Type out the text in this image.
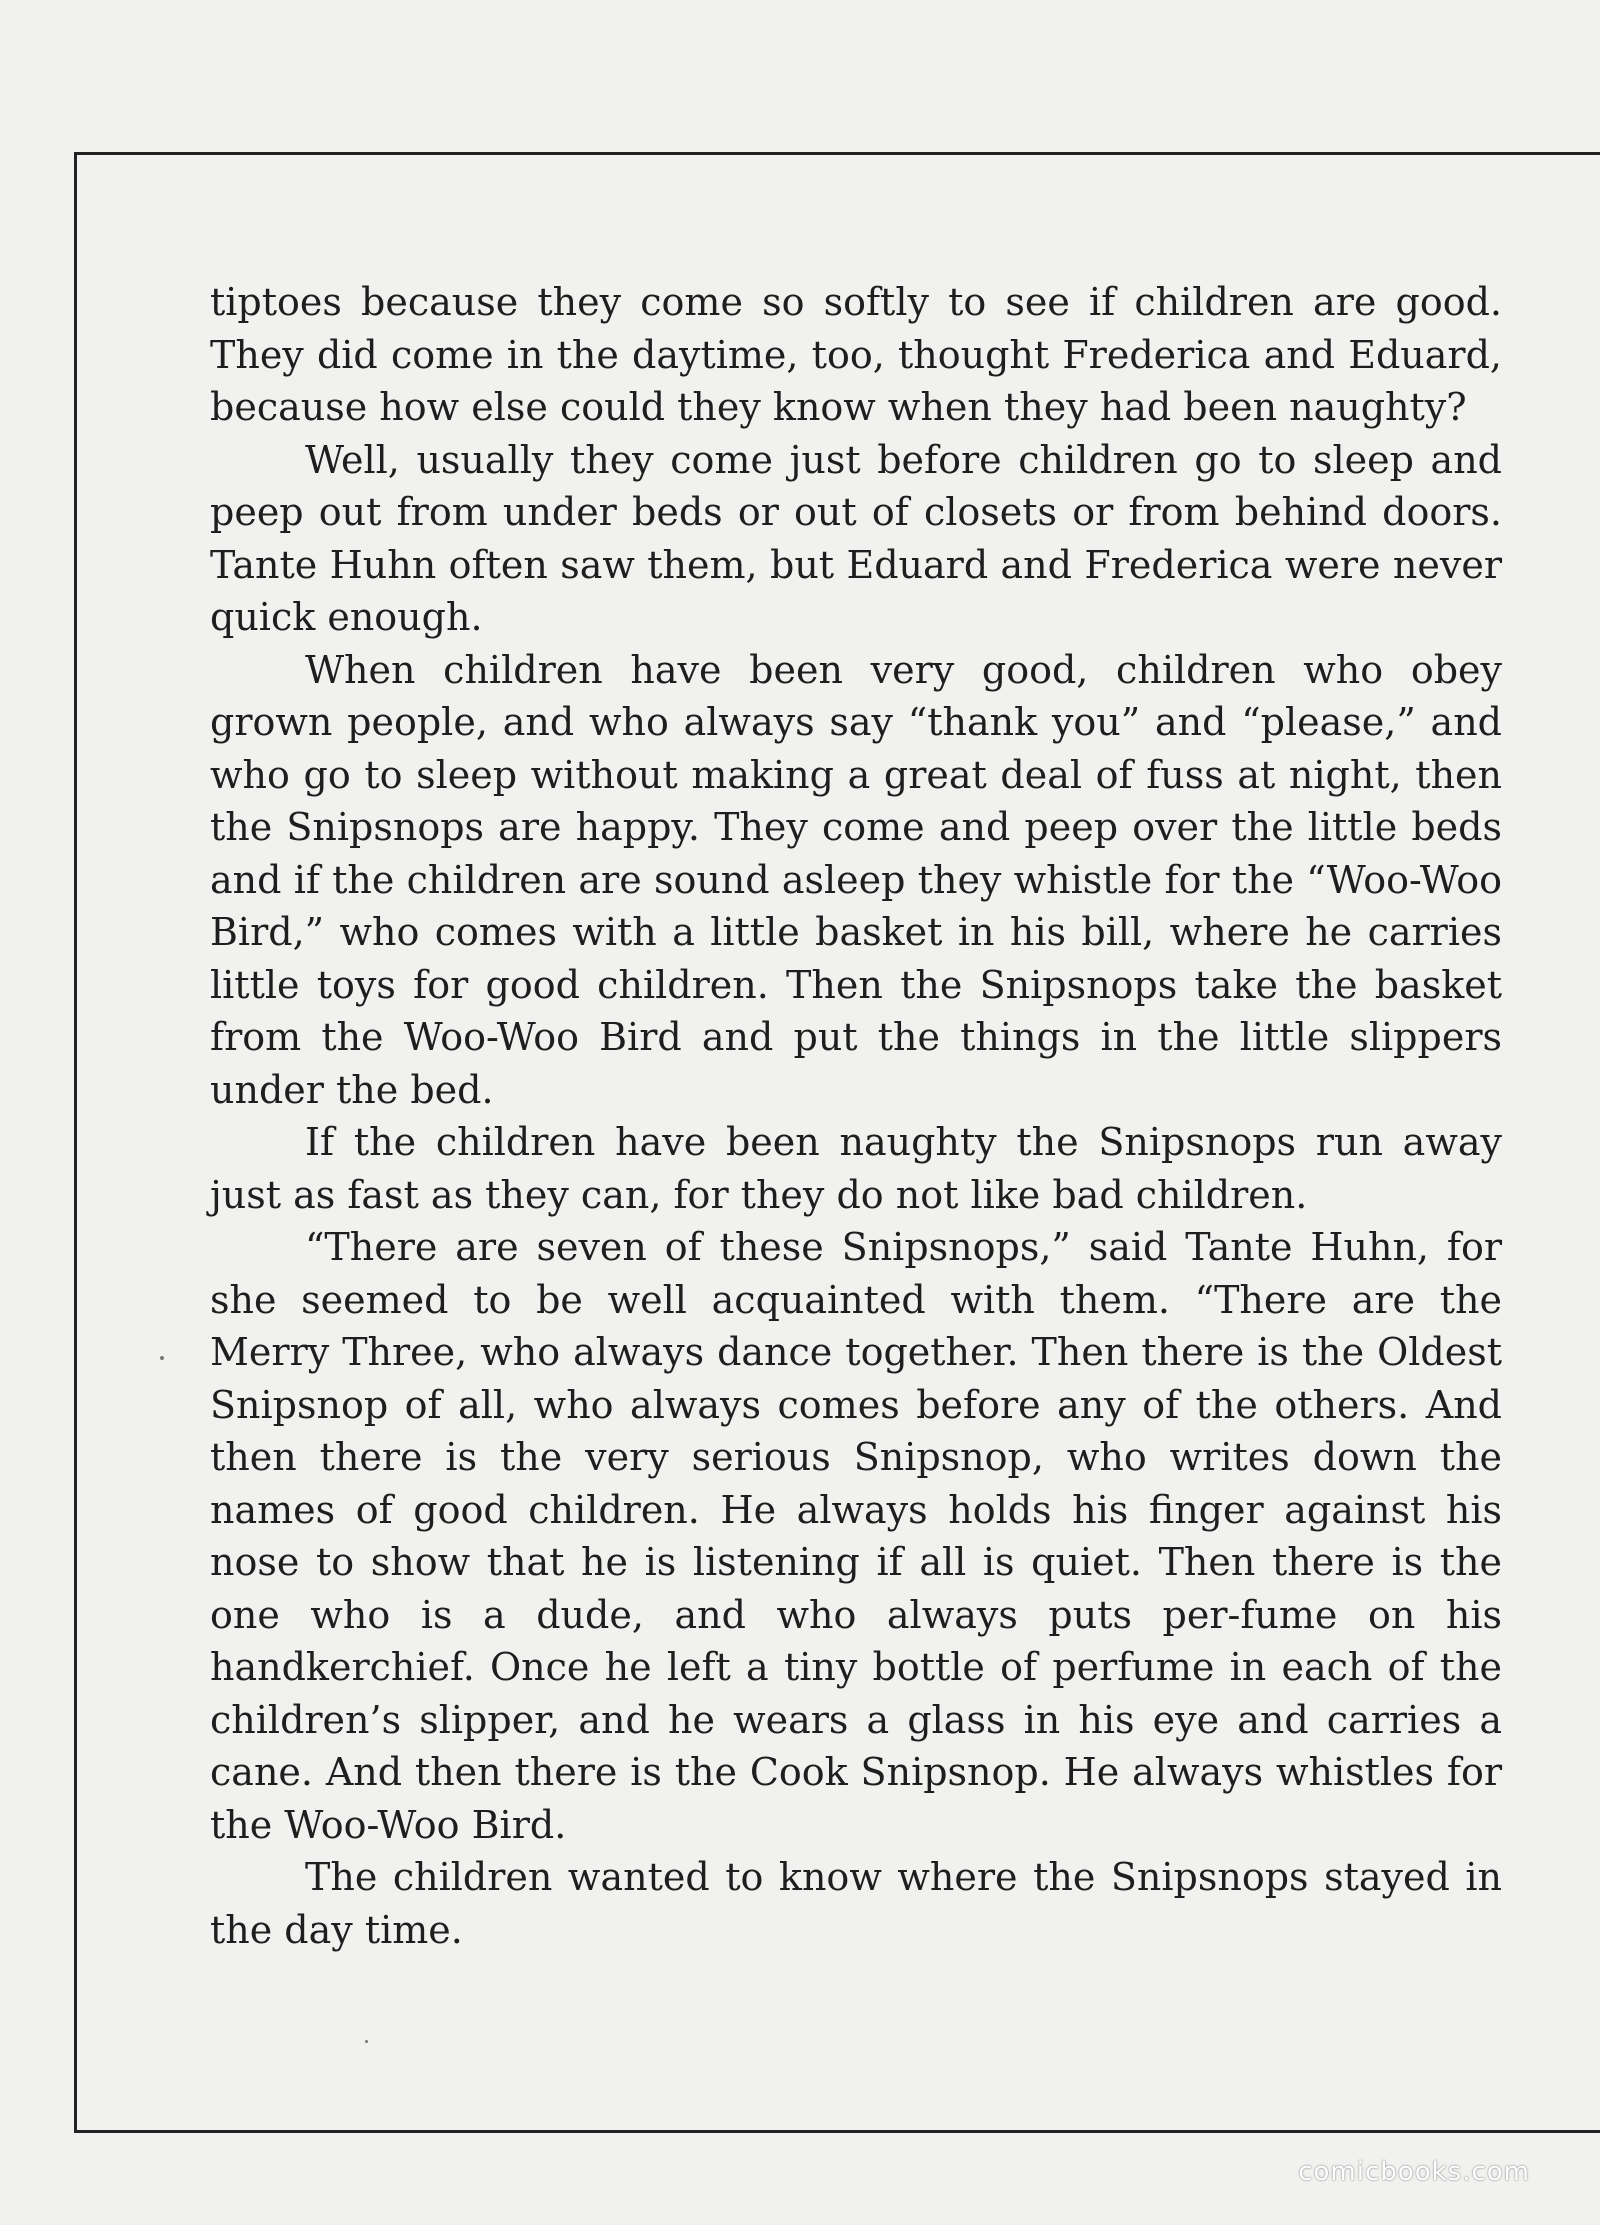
tiptoes because they come so softly to see if children are good. They did come in the daytime, too, thought Frederica and Eduard, because how else could they know when they had been naughty?

Well, usually they come just before children go to sleep and peep out from under beds or out of closets or from behind doors. Tante Huhn often saw them, but Eduard and Frederica were never quick enough.

When children have been very good, children who obey grown people, and who always say “thank you” and “please,” and who go to sleep without making a great deal of fuss at night, then the Snipsnops are happy. They come and peep over the little beds and if the children are sound asleep they whistle for the “Woo-Woo Bird,” who comes with a little basket in his bill, where he carries little toys for good children. Then the Snipsnops take the basket from the Woo-Woo Bird and put the things in the little slippers under the bed.

If the children have been naughty the Snipsnops run away just as fast as they can, for they do not like bad children.

“There are seven of these Snipsnops,” said Tante Huhn, for she seemed to be well acquainted with them. “There are the Merry Three, who always dance together. Then there is the Oldest Snipsnop of all, who always comes before any of the others. And then there is the very serious Snipsnop, who writes down the names of good children. He always holds his finger against his nose to show that he is listening if all is quiet. Then there is the one who is a dude, and who always puts per-fume on his handkerchief. Once he left a tiny bottle of perfume in each of the children’s slipper, and he wears a glass in his eye and carries a cane. And then there is the Cook Snipsnop. He always whistles for the Woo-Woo Bird.

The children wanted to know where the Snipsnops stayed in the day time.

comicbooks.com
